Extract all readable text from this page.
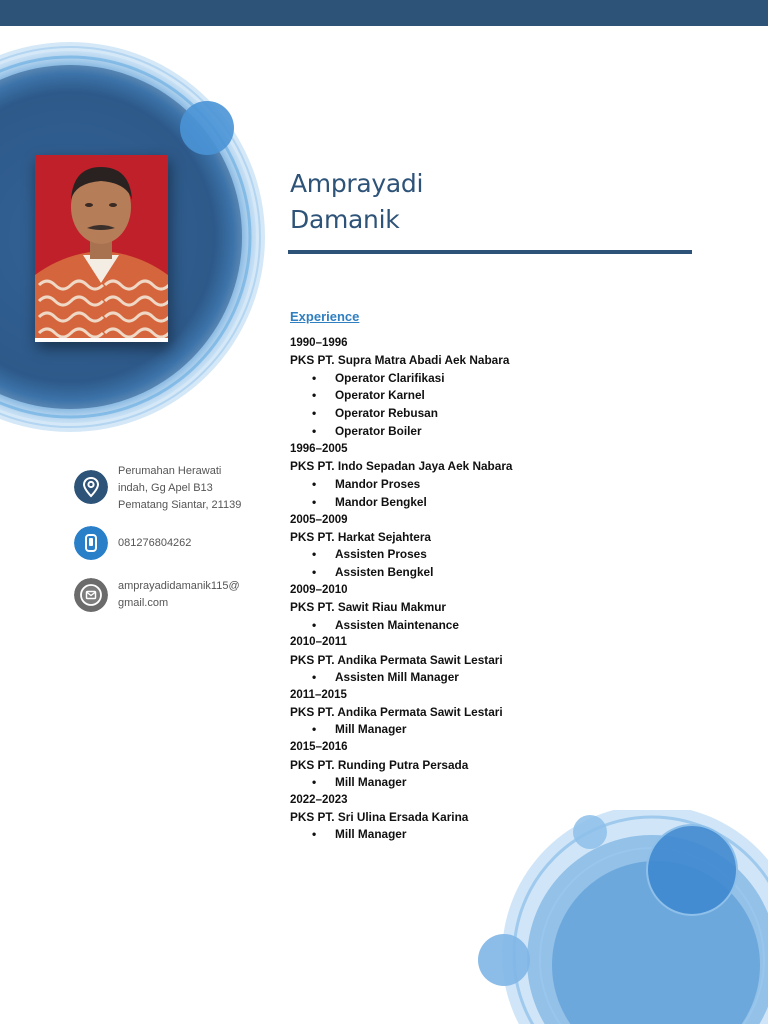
Amprayadi
Damanik
Experience
1990–1996
PKS PT. Supra Matra Abadi Aek Nabara
• Operator Clarifikasi
• Operator Karnel
• Operator Rebusan
• Operator Boiler
1996–2005
PKS PT. Indo Sepadan Jaya Aek Nabara
• Mandor Proses
• Mandor Bengkel
2005–2009
PKS PT. Harkat Sejahtera
• Assisten Proses
• Assisten Bengkel
2009–2010
PKS PT. Sawit Riau Makmur
• Assisten Maintenance
2010–2011
PKS PT. Andika Permata Sawit Lestari
• Assisten Mill Manager
2011–2015
PKS PT. Andika Permata Sawit Lestari
• Mill Manager
2015–2016
PKS PT. Runding Putra Persada
• Mill Manager
2022–2023
PKS PT. Sri Ulina Ersada Karina
• Mill Manager
Perumahan Herawati
indah, Gg Apel B13
Pematang Siantar, 21139
081276804262
amprayadidamanik115@
gmail.com
